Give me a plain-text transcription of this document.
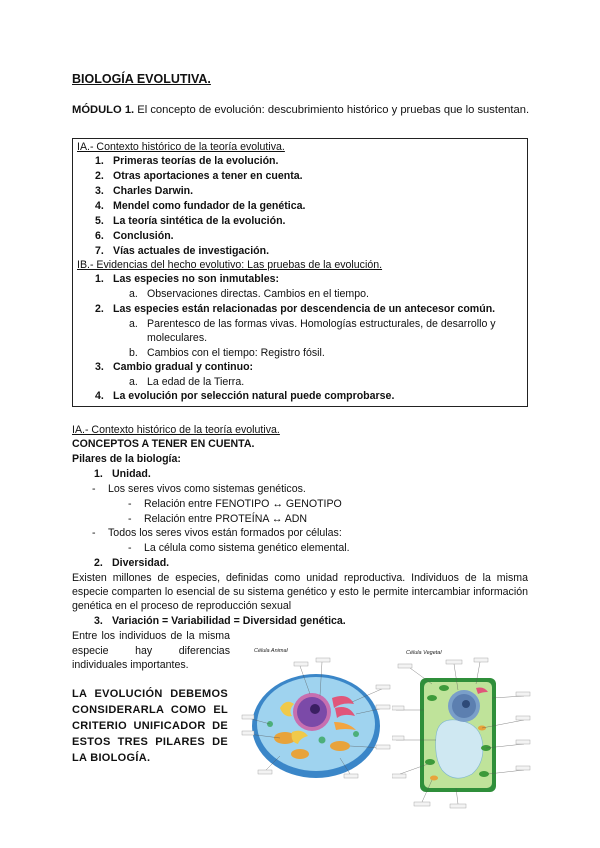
BIOLOGÍA EVOLUTIVA.
MÓDULO 1. El concepto de evolución: descubrimiento histórico y pruebas que lo sustentan.
IA.- Contexto histórico de la teoría evolutiva.
1. Primeras teorías de la evolución.
2. Otras aportaciones a tener en cuenta.
3. Charles Darwin.
4. Mendel como fundador de la genética.
5. La teoría sintética de la evolución.
6. Conclusión.
7. Vías actuales de investigación.
IB.- Evidencias del hecho evolutivo: Las pruebas de la evolución.
1. Las especies no son inmutables:
a. Observaciones directas. Cambios en el tiempo.
2. Las especies están relacionadas por descendencia de un antecesor común.
a. Parentesco de las formas vivas. Homologías estructurales, de desarrollo y
moleculares.
b. Cambios con el tiempo: Registro fósil.
3. Cambio gradual y continuo:
a. La edad de la Tierra.
4. La evolución por selección natural puede comprobarse.
IA.- Contexto histórico de la teoría evolutiva.
CONCEPTOS A TENER EN CUENTA.
Pilares de la biología:
1. Unidad.
- Los seres vivos como sistemas genéticos.
- Relación entre FENOTIPO ↔ GENOTIPO
- Relación entre PROTEÍNA ↔ ADN
- Todos los seres vivos están formados por células:
- La célula como sistema genético elemental.
2. Diversidad.
Existen millones de especies, definidas como unidad reproductiva. Individuos de la misma especie comparten lo esencial de su sistema genético y esto le permite intercambiar información genética en el proceso de reproducción sexual
3. Variación = Variabilidad = Diversidad genética.
Entre los individuos de la misma especie hay diferencias individuales importantes.
LA EVOLUCIÓN DEBEMOS CONSIDERARLA COMO EL CRITERIO UNIFICADOR DE ESTOS TRES PILARES DE LA BIOLOGÍA.
Célula Animal	Célula Vegetal
